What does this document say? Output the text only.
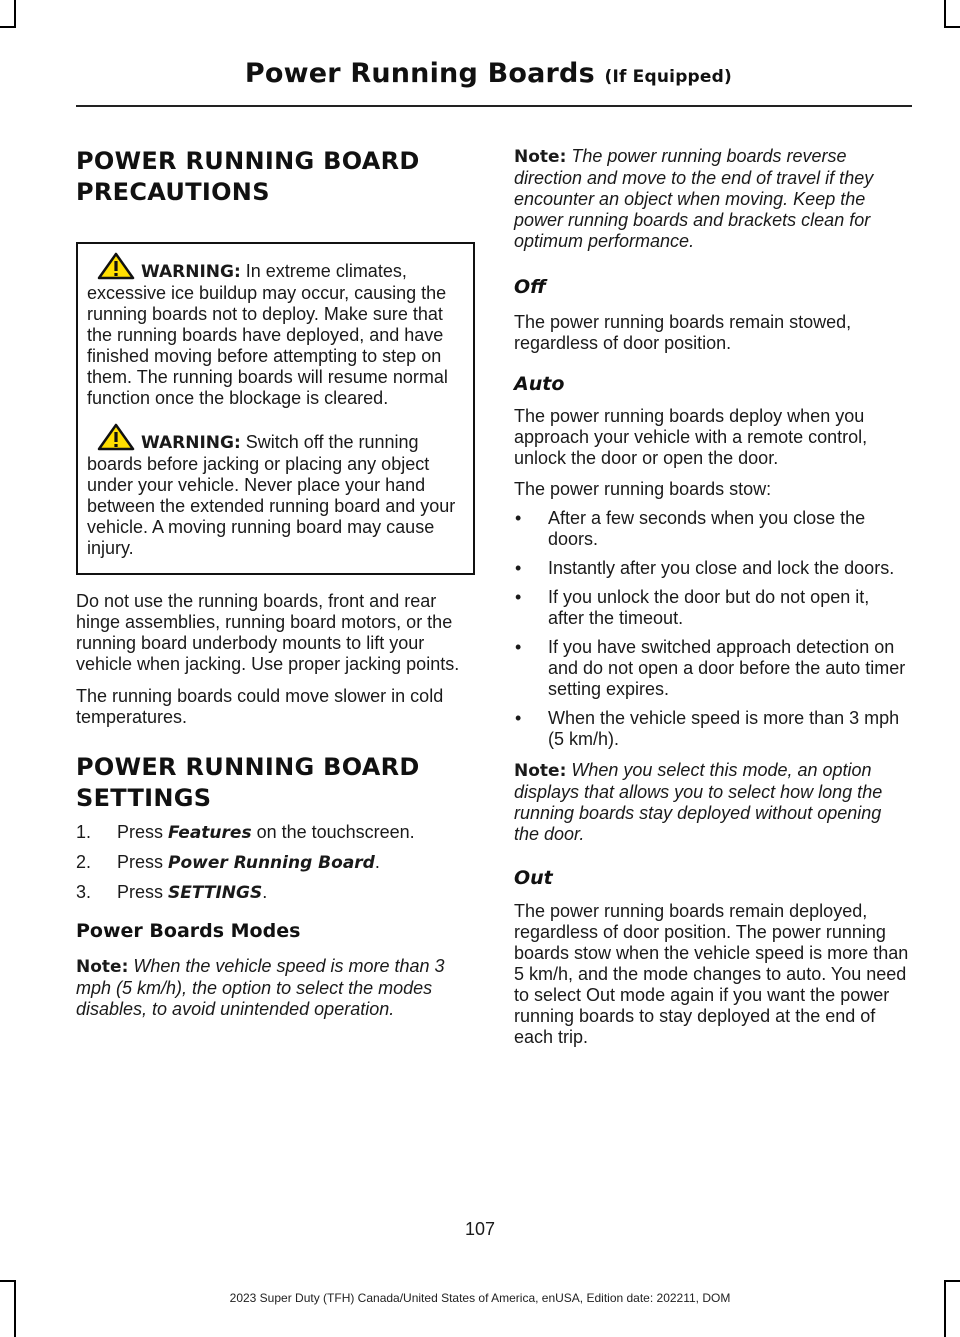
Power Running Boards (If Equipped)
POWER RUNNING BOARD
PRECAUTIONS

WARNING: In extreme climates, excessive ice buildup may occur, causing the running boards not to deploy. Make sure that the running boards have deployed, and have finished moving before attempting to step on them. The running boards will resume normal function once the blockage is cleared.

WARNING: Switch off the running boards before jacking or placing any object under your vehicle. Never place your hand between the extended running board and your vehicle. A moving running board may cause injury.

Do not use the running boards, front and rear hinge assemblies, running board motors, or the running board underbody mounts to lift your vehicle when jacking. Use proper jacking points.

The running boards could move slower in cold temperatures.

POWER RUNNING BOARD
SETTINGS
1. Press Features on the touchscreen.
2. Press Power Running Board.
3. Press SETTINGS.
Power Boards Modes

Note: When the vehicle speed is more than 3 mph (5 km/h), the option to select the modes disables, to avoid unintended operation.

Note: The power running boards reverse direction and move to the end of travel if they encounter an object when moving. Keep the power running boards and brackets clean for optimum performance.

Off

The power running boards remain stowed, regardless of door position.

Auto

The power running boards deploy when you approach your vehicle with a remote control, unlock the door or open the door.

The power running boards stow:

• After a few seconds when you close the doors.
• Instantly after you close and lock the doors.
• If you unlock the door but do not open it, after the timeout.
• If you have switched approach detection on and do not open a door before the auto timer setting expires.
• When the vehicle speed is more than 3 mph (5 km/h).

Note: When you select this mode, an option displays that allows you to select how long the running boards stay deployed without opening the door.

Out

The power running boards remain deployed, regardless of door position. The power running boards stow when the vehicle speed is more than 5 km/h, and the mode changes to auto. You need to select Out mode again if you want the power running boards to stay deployed at the end of each trip.

107
2023 Super Duty (TFH) Canada/United States of America, enUSA, Edition date: 202211, DOM
